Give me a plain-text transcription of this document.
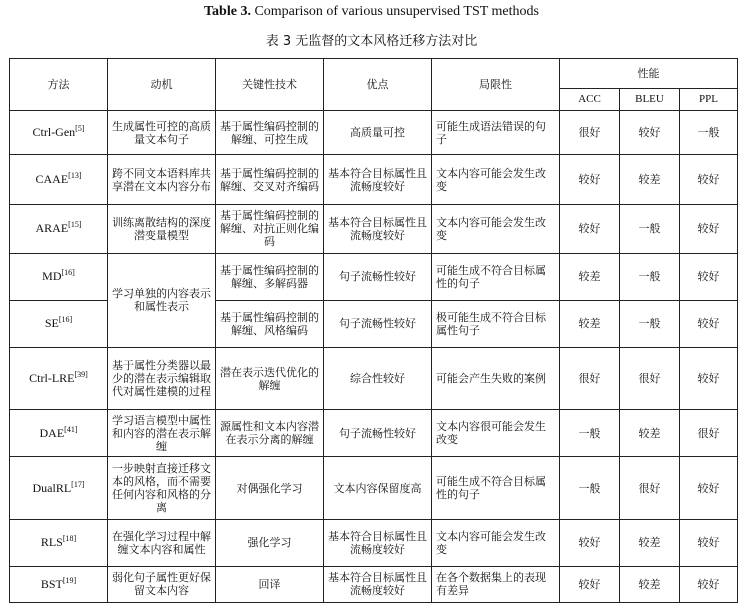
Table 3. Comparison of various unsupervised TST methods
表 3 无监督的文本风格迁移方法对比
方法	动机	关键性技术	优点	局限性	性能		
					ACC	BLEU	PPL
Ctrl-Gen[5]	生成属性可控的高质量文本句子	基于属性编码控制的解缠、可控生成	高质量可控	可能生成语法错误的句子	很好	较好	一般
CAAE[13]	跨不同文本语料库共享潜在文本内容分布	基于属性编码控制的解缠、交叉对齐编码	基本符合目标属性且流畅度较好	文本内容可能会发生改变	较好	较差	较好
ARAE[15]	训练离散结构的深度潜变量模型	基于属性编码控制的解缠、对抗正则化编码	基本符合目标属性且流畅度较好	文本内容可能会发生改变	较好	一般	较好
MD[16]	学习单独的内容表示和属性表示	基于属性编码控制的解缠、多解码器	句子流畅性较好	可能生成不符合目标属性的句子	较差	一般	较好
SE[16]		基于属性编码控制的解缠、风格编码	句子流畅性较好	极可能生成不符合目标属性句子	较差	一般	较好
Ctrl-LRE[39]	基于属性分类器以最少的潜在表示编辑取代对属性建模的过程	潜在表示迭代优化的解缠	综合性较好	可能会产生失败的案例	很好	很好	较好
DAE[41]	学习语言模型中属性和内容的潜在表示解缠	源属性和文本内容潜在表示分离的解缠	句子流畅性较好	文本内容很可能会发生改变	一般	较差	很好
DualRL[17]	一步映射直接迁移文本的风格，而不需要任何内容和风格的分离	对偶强化学习	文本内容保留度高	可能生成不符合目标属性的句子	一般	很好	较好
RLS[18]	在强化学习过程中解缠文本内容和属性	强化学习	基本符合目标属性且流畅度较好	文本内容可能会发生改变	较好	较差	较好
BST[19]	弱化句子属性更好保留文本内容	回译	基本符合目标属性且流畅度较好	在各个数据集上的表现有差异	较好	较差	较好
